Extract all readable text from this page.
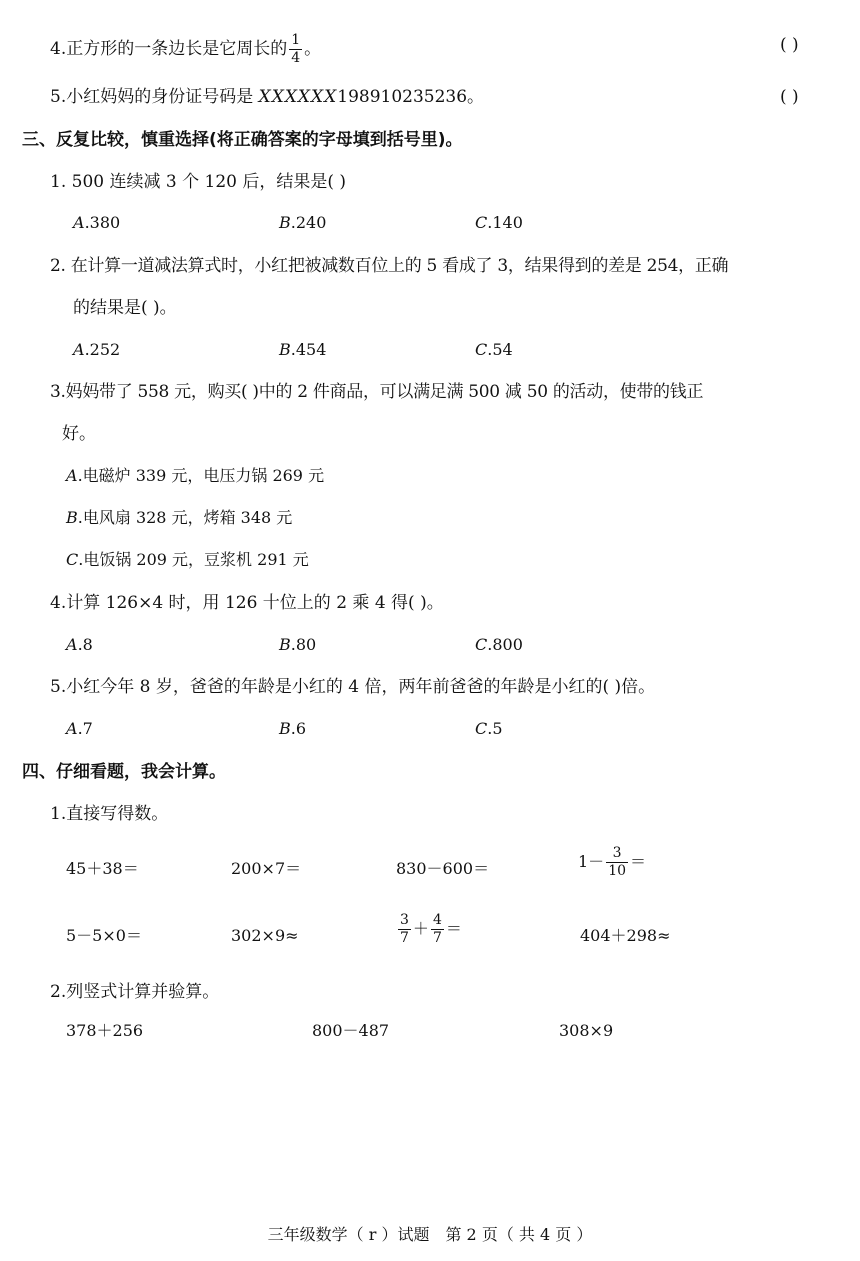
4.正方形的一条边长是它周长的 $\frac{1}{4}$ 。	( )
5.小红妈妈的身份证号码是 XXXXXX198910235236。	( )
三、反复比较，慎重选择(将正确答案的字母填到括号里)。
1. 500 连续减 3 个 120 后，结果是( )
A.380	B.240	C.140
2. 在计算一道减法算式时，小红把被减数百位上的 5 看成了 3，结果得到的差是 254，正确
的结果是( )。
A.252	B.454	C.54
3.妈妈带了 558 元，购买( )中的 2 件商品，可以满足满 500 减 50 的活动，使带的钱正
好。
A.电磁炉 339 元，电压力锅 269 元
B.电风扇 328 元，烤箱 348 元
C.电饭锅 209 元，豆浆机 291 元
4.计算 126×4 时，用 126 十位上的 2 乘 4 得( )。
A.8	B.80	C.800
5.小红今年 8 岁，爸爸的年龄是小红的 4 倍，两年前爸爸的年龄是小红的( )倍。
A.7	B.6	C.5
四、仔细看题，我会计算。
1.直接写得数。
45＋38＝	200×7＝	830－600＝	$1- \frac{3}{10}$ ＝
5－5×0＝	302×9≈	$\frac{3}{7} + \frac{4}{7}$ ＝	404＋298≈
2.列竖式计算并验算。
378＋256	800－487	308×9
三年级数学（ r ）试题　第 2 页（ 共 4 页 ）
